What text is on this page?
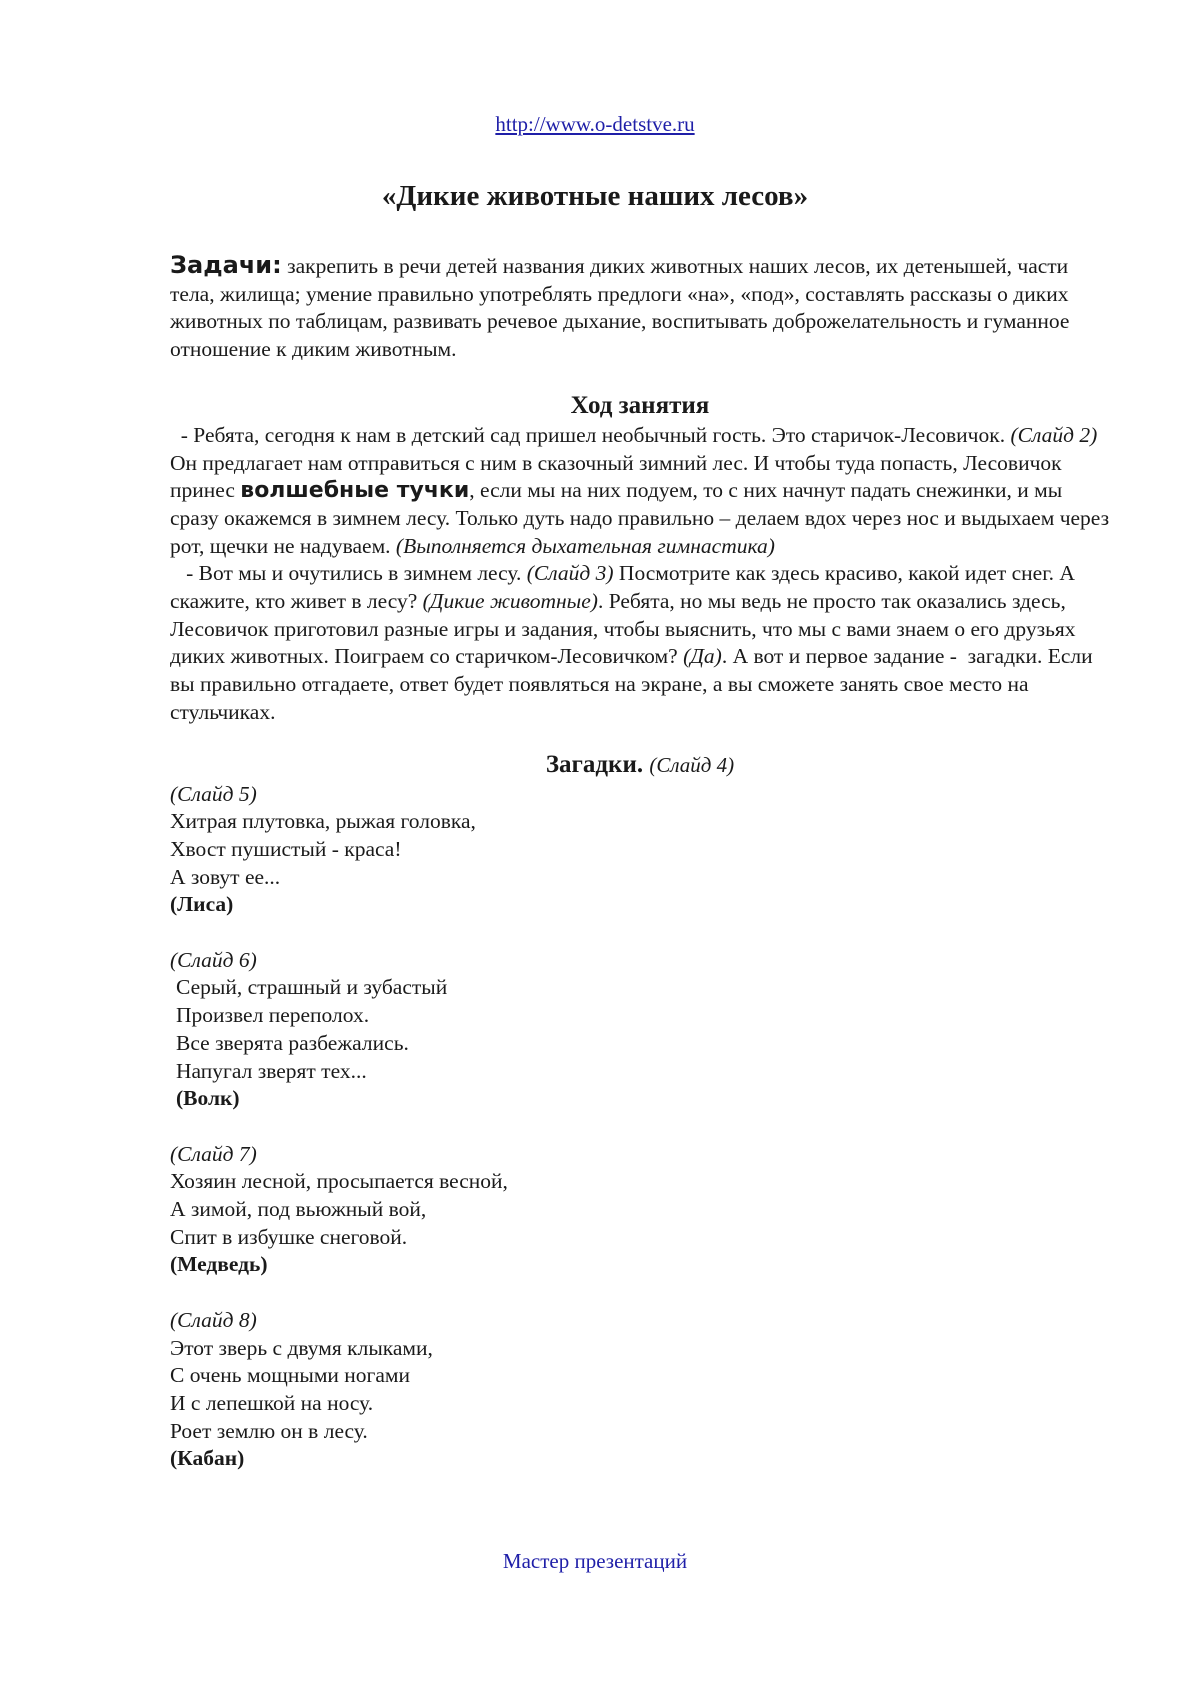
http://www.o-detstve.ru
«Дикие животные наших лесов»

Задачи: закрепить в речи детей названия диких животных наших лесов, их детенышей, части тела, жилища; умение правильно употреблять предлоги «на», «под», составлять рассказы о диких животных по таблицам, развивать речевое дыхание, воспитывать доброжелательность и гуманное отношение к диким животным.

Ход занятия

- Ребята, сегодня к нам в детский сад пришел необычный гость. Это старичок-Лесовичок. (Слайд 2) Он предлагает нам отправиться с ним в сказочный зимний лес. И чтобы туда попасть, Лесовичок принес волшебные тучки, если мы на них подуем, то с них начнут падать снежинки, и мы сразу окажемся в зимнем лесу. Только дуть надо правильно – делаем вдох через нос и выдыхаем через рот, щечки не надуваем. (Выполняется дыхательная гимнастика)

- Вот мы и очутились в зимнем лесу. (Слайд 3) Посмотрите как здесь красиво, какой идет снег. А скажите, кто живет в лесу? (Дикие животные). Ребята, но мы ведь не просто так оказались здесь, Лесовичок приготовил разные игры и задания, чтобы выяснить, что мы с вами знаем о его друзьях диких животных. Поиграем со старичком-Лесовичком? (Да). А вот и первое задание -  загадки. Если вы правильно отгадаете, ответ будет появляться на экране, а вы сможете занять свое место на стульчиках.

Загадки. (Слайд 4)

(Слайд 5)

Хитрая плутовка, рыжая головка,

Хвост пушистый - краса!

А зовут ее...

(Лиса)

(Слайд 6)

Серый, страшный и зубастый

Произвел переполох.

Все зверята разбежались.

Напугал зверят тех...

(Волк)

(Слайд 7)

Хозяин лесной, просыпается весной,

А зимой, под вьюжный вой,

Спит в избушке снеговой.

(Медведь)

(Слайд 8)

Этот зверь с двумя клыками,

С очень мощными ногами

И с лепешкой на носу.

Роет землю он в лесу.

(Кабан)

Мастер презентаций
